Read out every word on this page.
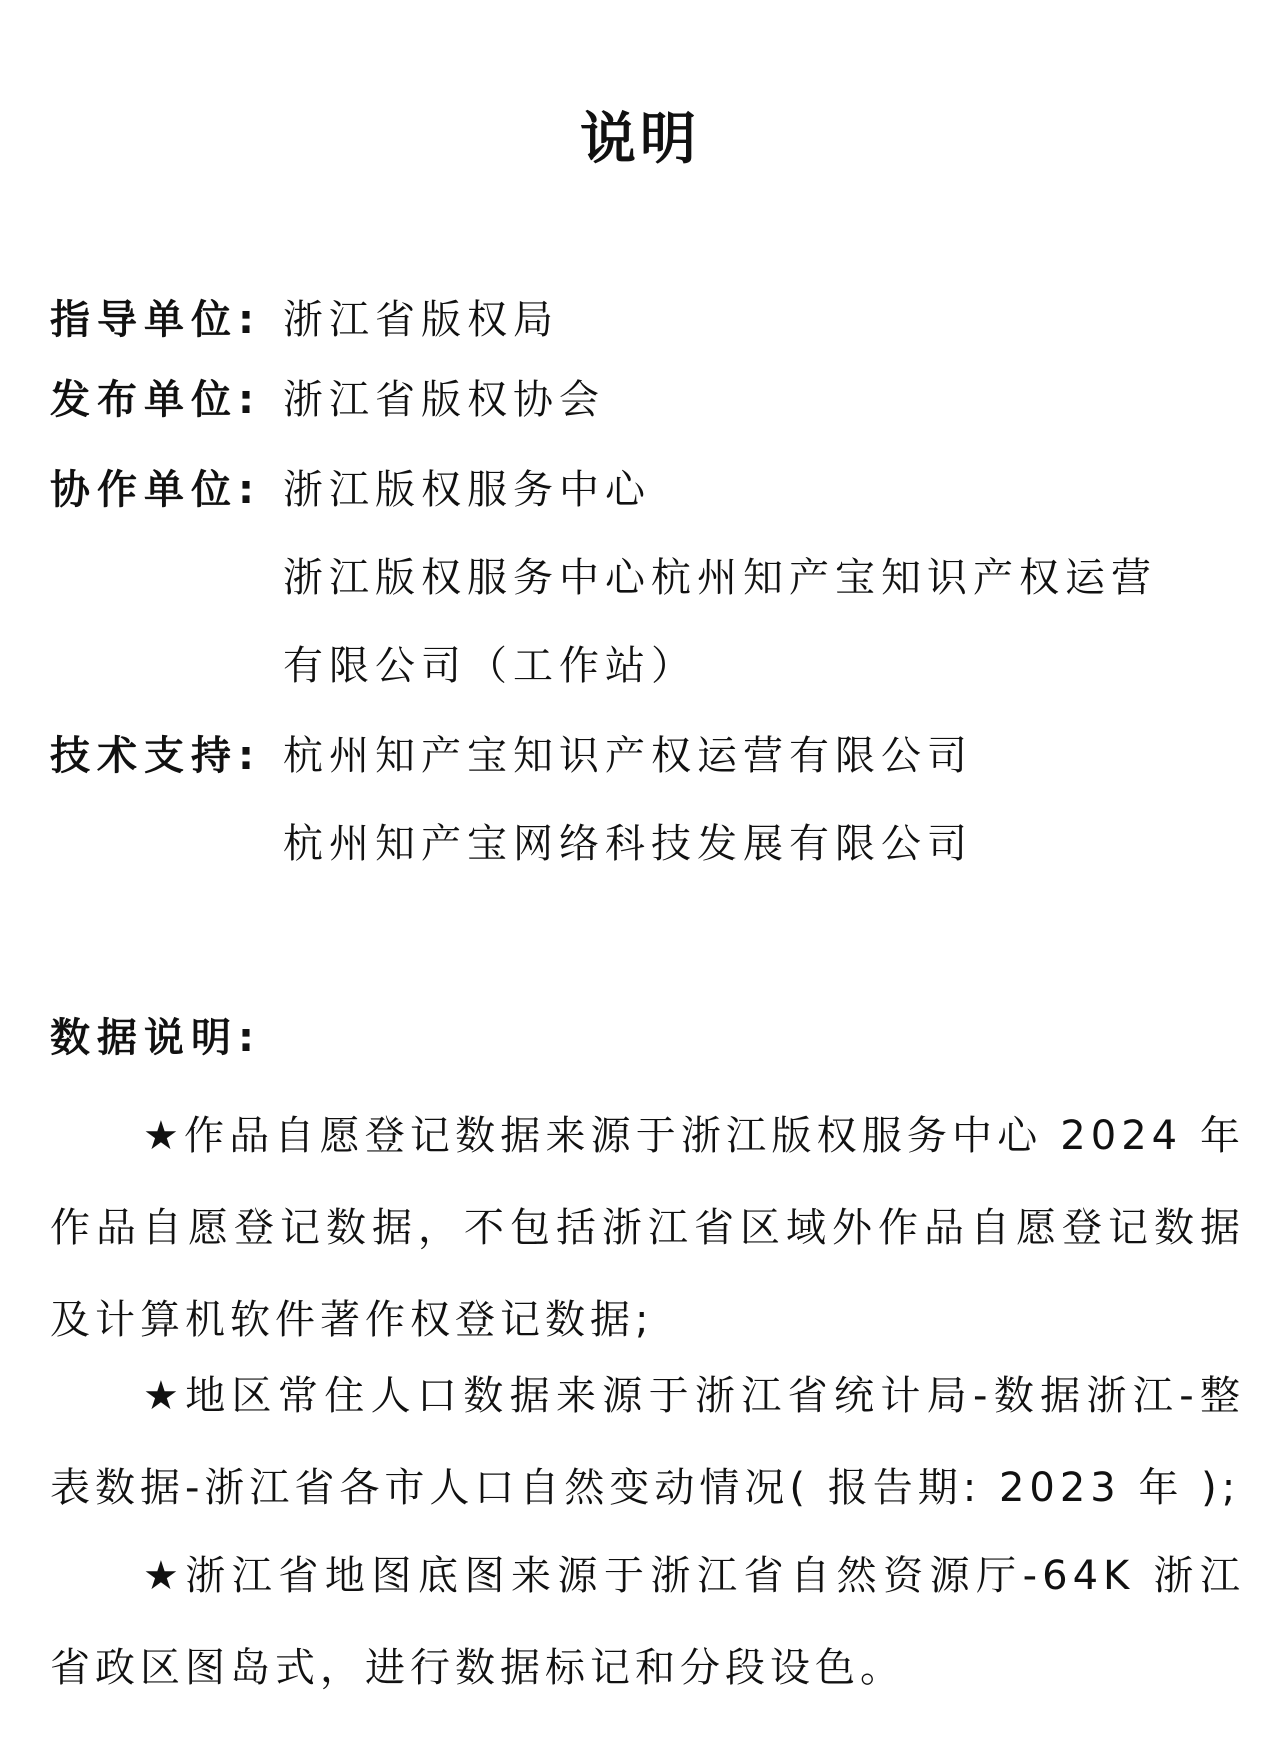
说明
指导单位: 浙江省版权局
发布单位: 浙江省版权协会
协作单位: 浙江版权服务中心
浙江版权服务中心杭州知产宝知识产权运营
有限公司（工作站）
技术支持: 杭州知产宝知识产权运营有限公司
杭州知产宝网络科技发展有限公司
数据说明:
★作品自愿登记数据来源于浙江版权服务中心 2024 年作品自愿登记数据，不包括浙江省区域外作品自愿登记数据及计算机软件著作权登记数据;
★地区常住人口数据来源于浙江省统计局-数据浙江-整表数据-浙江省各市人口自然变动情况( 报告期: 2023 年 );
★浙江省地图底图来源于浙江省自然资源厅-64K 浙江省政区图岛式，进行数据标记和分段设色。
